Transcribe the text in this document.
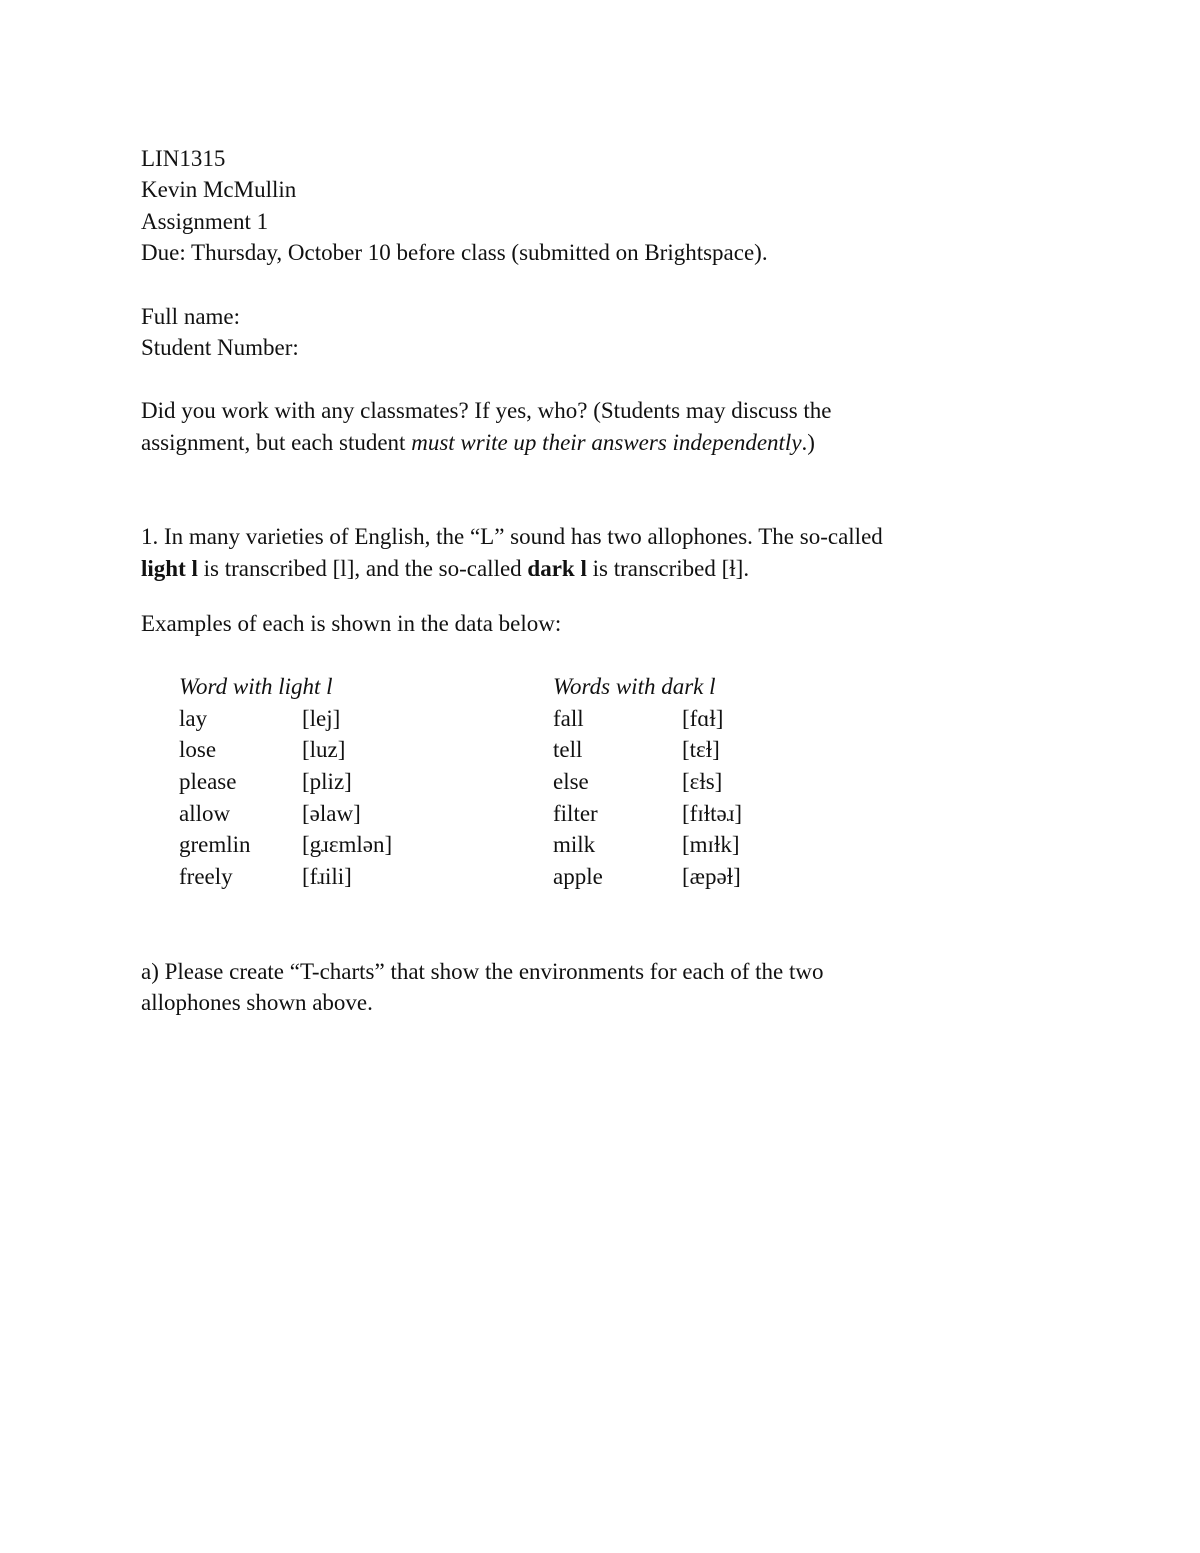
LIN1315
Kevin McMullin
Assignment 1
Due: Thursday, October 10 before class (submitted on Brightspace).
Full name:
Student Number:
Did you work with any classmates? If yes, who? (Students may discuss the
assignment, but each student must write up their answers independently.)
1. In many varieties of English, the “L” sound has two allophones. The so-called
light l is transcribed [l], and the so-called dark l is transcribed [ɫ].
Examples of each is shown in the data below:
Word with light l	Words with dark l
lay	[lej]	fall	[fɑɫ]
lose	[luz]	tell	[tɛɫ]
please	[pliz]	else	[ɛɫs]
allow	[əlaw]	filter	[fɪɫtəɹ]
gremlin [gɹɛmlən]	milk	[mɪɫk]
freely	[fɹili]	apple	[æpəɫ]
a) Please create “T-charts” that show the environments for each of the two
allophones shown above.
